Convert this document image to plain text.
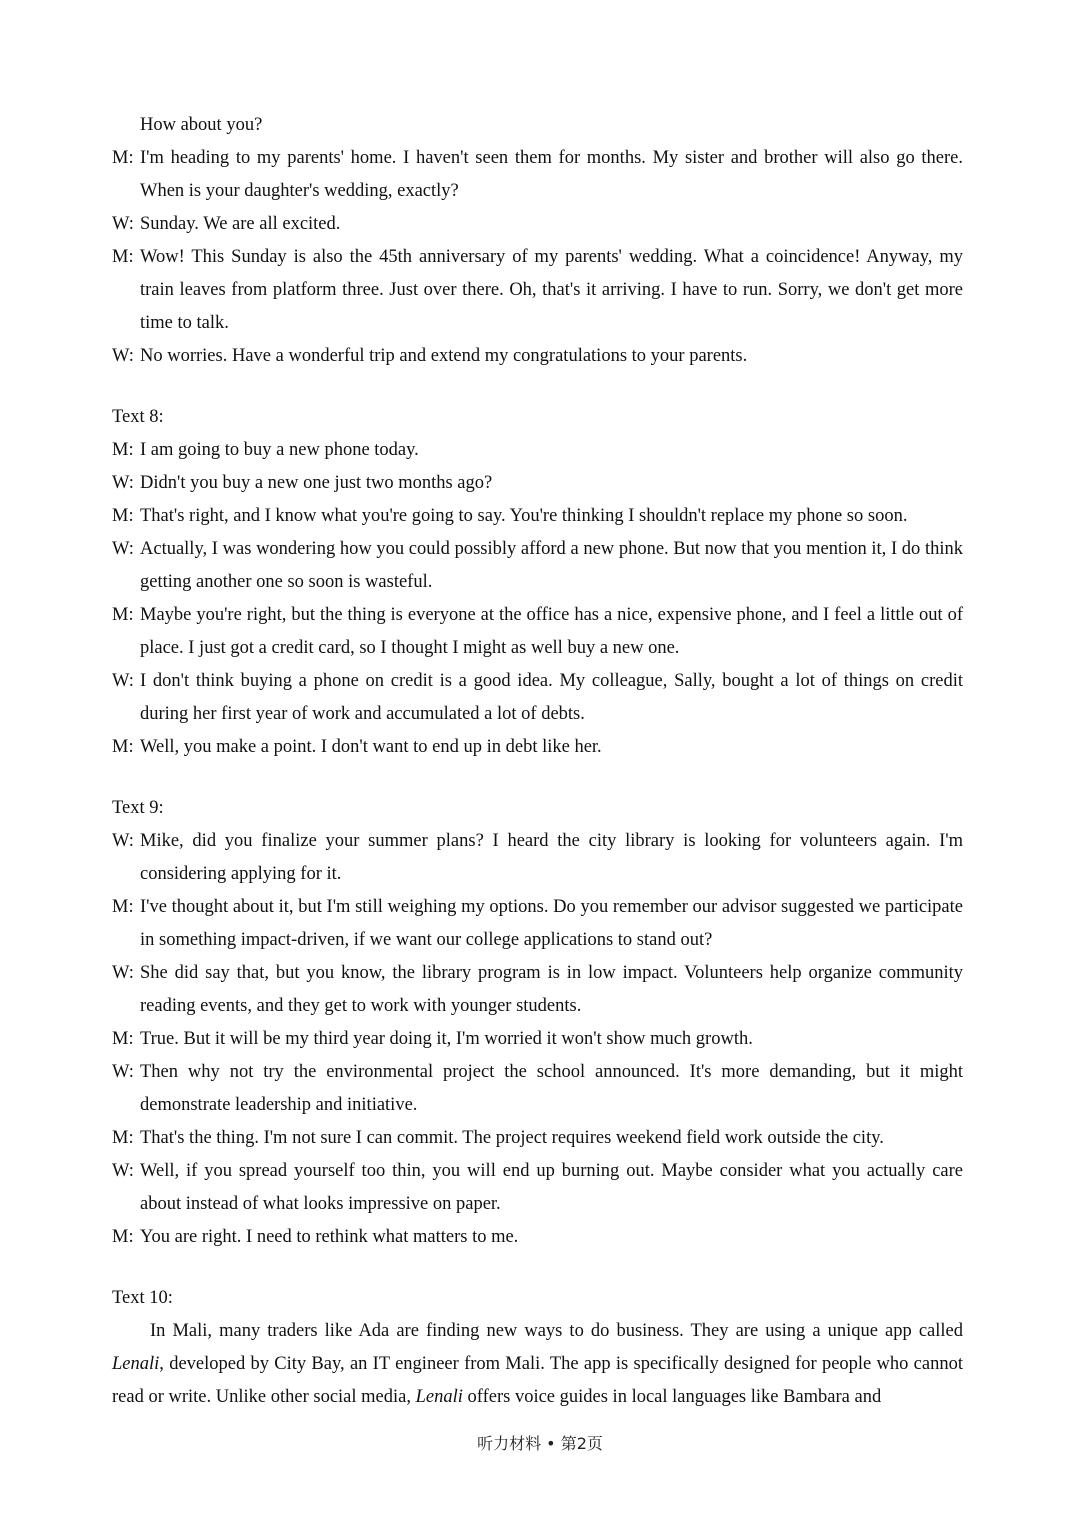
How about you?
M: I'm heading to my parents' home. I haven't seen them for months. My sister and brother will also go there. When is your daughter's wedding, exactly?
W: Sunday. We are all excited.
M: Wow! This Sunday is also the 45th anniversary of my parents' wedding. What a coincidence! Anyway, my train leaves from platform three. Just over there. Oh, that's it arriving. I have to run. Sorry, we don't get more time to talk.
W: No worries. Have a wonderful trip and extend my congratulations to your parents.
Text 8:
M: I am going to buy a new phone today.
W: Didn't you buy a new one just two months ago?
M: That's right, and I know what you're going to say. You're thinking I shouldn't replace my phone so soon.
W: Actually, I was wondering how you could possibly afford a new phone. But now that you mention it, I do think getting another one so soon is wasteful.
M: Maybe you're right, but the thing is everyone at the office has a nice, expensive phone, and I feel a little out of place. I just got a credit card, so I thought I might as well buy a new one.
W: I don't think buying a phone on credit is a good idea. My colleague, Sally, bought a lot of things on credit during her first year of work and accumulated a lot of debts.
M: Well, you make a point. I don't want to end up in debt like her.
Text 9:
W: Mike, did you finalize your summer plans? I heard the city library is looking for volunteers again. I'm considering applying for it.
M: I've thought about it, but I'm still weighing my options. Do you remember our advisor suggested we participate in something impact-driven, if we want our college applications to stand out?
W: She did say that, but you know, the library program is in low impact. Volunteers help organize community reading events, and they get to work with younger students.
M: True. But it will be my third year doing it, I'm worried it won't show much growth.
W: Then why not try the environmental project the school announced. It's more demanding, but it might demonstrate leadership and initiative.
M: That's the thing. I'm not sure I can commit. The project requires weekend field work outside the city.
W: Well, if you spread yourself too thin, you will end up burning out. Maybe consider what you actually care about instead of what looks impressive on paper.
M: You are right. I need to rethink what matters to me.
Text 10:
In Mali, many traders like Ada are finding new ways to do business. They are using a unique app called Lenali, developed by City Bay, an IT engineer from Mali. The app is specifically designed for people who cannot read or write. Unlike other social media, Lenali offers voice guides in local languages like Bambara and
听力材料 • 第2页
